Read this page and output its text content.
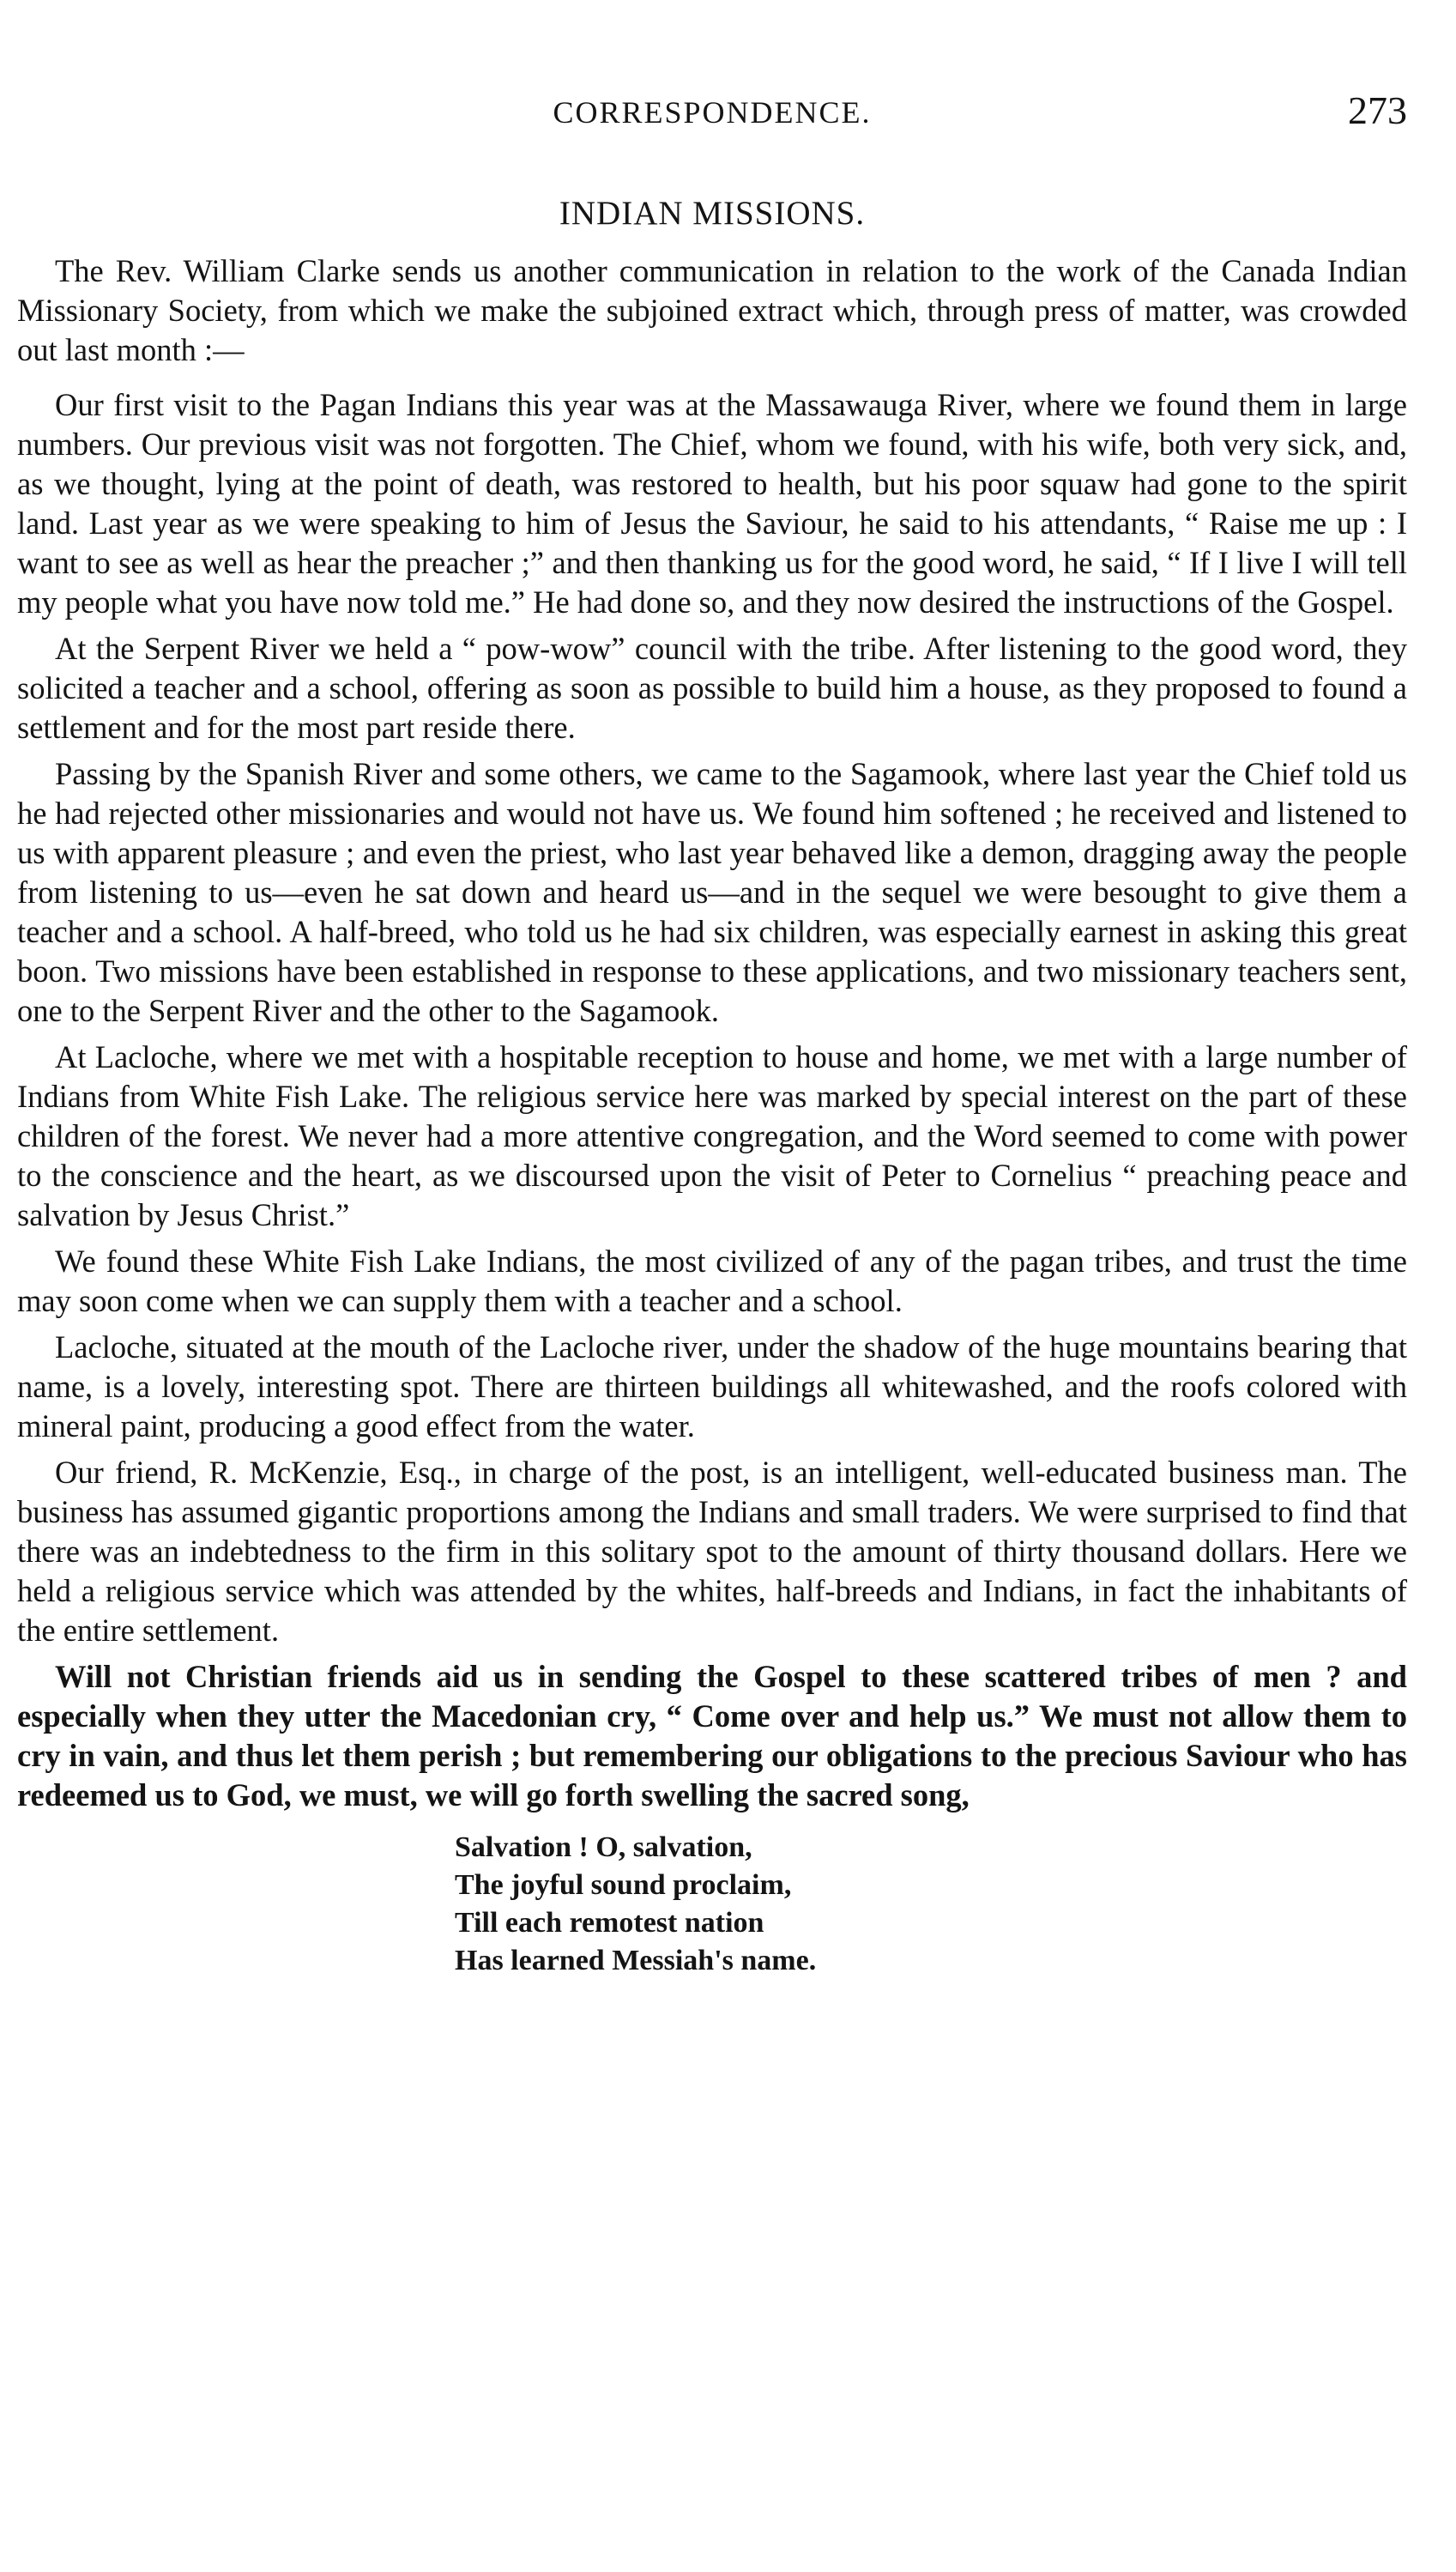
CORRESPONDENCE.	273
INDIAN MISSIONS.

The Rev. William Clarke sends us another communication in relation to the work of the Canada Indian Missionary Society, from which we make the subjoined extract which, through press of matter, was crowded out last month :—

Our first visit to the Pagan Indians this year was at the Massawauga River, where we found them in large numbers. Our previous visit was not forgotten. The Chief, whom we found, with his wife, both very sick, and, as we thought, lying at the point of death, was restored to health, but his poor squaw had gone to the spirit land. Last year as we were speaking to him of Jesus the Saviour, he said to his attendants, “ Raise me up : I want to see as well as hear the preacher ;” and then thanking us for the good word, he said, “ If I live I will tell my people what you have now told me.” He had done so, and they now desired the instructions of the Gospel.

At the Serpent River we held a “ pow-wow” council with the tribe. After listening to the good word, they solicited a teacher and a school, offering as soon as possible to build him a house, as they proposed to found a settlement and for the most part reside there.

Passing by the Spanish River and some others, we came to the Sagamook, where last year the Chief told us he had rejected other missionaries and would not have us. We found him softened ; he received and listened to us with apparent pleasure ; and even the priest, who last year behaved like a demon, dragging away the people from listening to us—even he sat down and heard us—and in the sequel we were besought to give them a teacher and a school. A half-breed, who told us he had six children, was especially earnest in asking this great boon. Two missions have been established in response to these applications, and two missionary teachers sent, one to the Serpent River and the other to the Sagamook.

At Lacloche, where we met with a hospitable reception to house and home, we met with a large number of Indians from White Fish Lake. The religious service here was marked by special interest on the part of these children of the forest. We never had a more attentive congregation, and the Word seemed to come with power to the conscience and the heart, as we discoursed upon the visit of Peter to Cornelius “ preaching peace and salvation by Jesus Christ.”

We found these White Fish Lake Indians, the most civilized of any of the pagan tribes, and trust the time may soon come when we can supply them with a teacher and a school.

Lacloche, situated at the mouth of the Lacloche river, under the shadow of the huge mountains bearing that name, is a lovely, interesting spot. There are thirteen buildings all whitewashed, and the roofs colored with mineral paint, producing a good effect from the water.

Our friend, R. McKenzie, Esq., in charge of the post, is an intelligent, well-educated business man. The business has assumed gigantic proportions among the Indians and small traders. We were surprised to find that there was an indebtedness to the firm in this solitary spot to the amount of thirty thousand dollars. Here we held a religious service which was attended by the whites, half-breeds and Indians, in fact the inhabitants of the entire settlement.

Will not Christian friends aid us in sending the Gospel to these scattered tribes of men ? and especially when they utter the Macedonian cry, “ Come over and help us.” We must not allow them to cry in vain, and thus let them perish ; but remembering our obligations to the precious Saviour who has redeemed us to God, we must, we will go forth swelling the sacred song,

Salvation ! O, salvation,
The joyful sound proclaim,
Till each remotest nation
Has learned Messiah's name.
